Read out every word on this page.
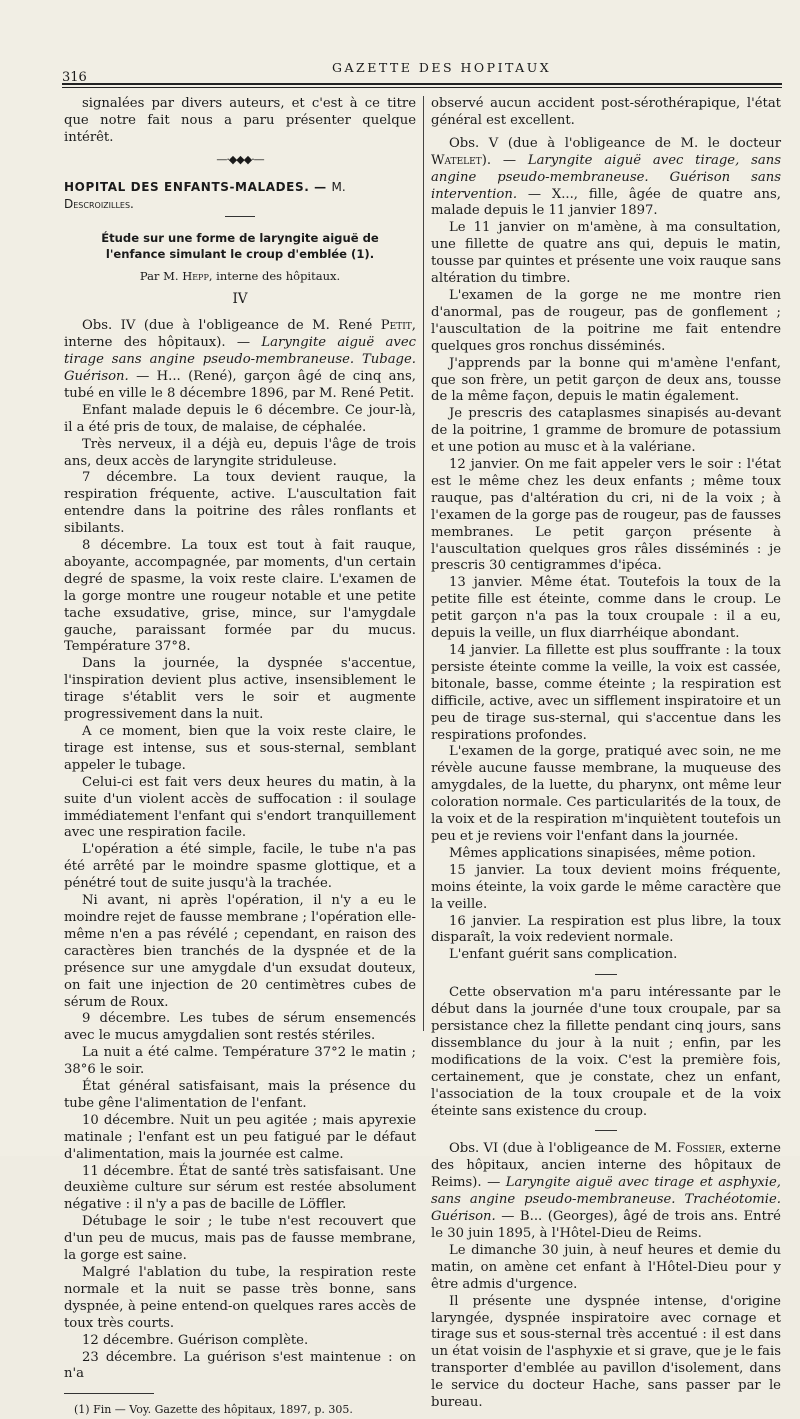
316
GAZETTE DES HOPITAUX

signalées par divers auteurs, et c'est à ce titre que notre fait nous a paru présenter quelque intérêt.

—·◆◆◆·—

HOPITAL DES ENFANTS-MALADES. — M. Descroizilles.

Étude sur une forme de laryngite aiguë de l'enfance simulant le croup d'emblée (1).
Par M. Hepp, interne des hôpitaux.
IV

Obs. IV (due à l'obligeance de M. René Petit, interne des hôpitaux). — Laryngite aiguë avec tirage sans angine pseudo-membraneuse. Tubage. Guérison. — H... (René), garçon âgé de cinq ans, tubé en ville le 8 décembre 1896, par M. René Petit.

Enfant malade depuis le 6 décembre. Ce jour-là, il a été pris de toux, de malaise, de céphalée.

Très nerveux, il a déjà eu, depuis l'âge de trois ans, deux accès de laryngite striduleuse.

7 décembre. La toux devient rauque, la respiration fréquente, active. L'auscultation fait entendre dans la poitrine des râles ronflants et sibilants.

8 décembre. La toux est tout à fait rauque, aboyante, accompagnée, par moments, d'un certain degré de spasme, la voix reste claire. L'examen de la gorge montre une rougeur notable et une petite tache exsudative, grise, mince, sur l'amygdale gauche, paraissant formée par du mucus. Température 37°8.

Dans la journée, la dyspnée s'accentue, l'inspiration devient plus active, insensiblement le tirage s'établit vers le soir et augmente progressivement dans la nuit.

A ce moment, bien que la voix reste claire, le tirage est intense, sus et sous-sternal, semblant appeler le tubage.

Celui-ci est fait vers deux heures du matin, à la suite d'un violent accès de suffocation : il soulage immédiatement l'enfant qui s'endort tranquillement avec une respiration facile.

L'opération a été simple, facile, le tube n'a pas été arrêté par le moindre spasme glottique, et a pénétré tout de suite jusqu'à la trachée.

Ni avant, ni après l'opération, il n'y a eu le moindre rejet de fausse membrane ; l'opération elle-même n'en a pas révélé ; cependant, en raison des caractères bien tranchés de la dyspnée et de la présence sur une amygdale d'un exsudat douteux, on fait une injection de 20 centimètres cubes de sérum de Roux.

9 décembre. Les tubes de sérum ensemencés avec le mucus amygdalien sont restés stériles.

La nuit a été calme. Température 37°2 le matin ; 38°6 le soir.

État général satisfaisant, mais la présence du tube gêne l'alimentation de l'enfant.

10 décembre. Nuit un peu agitée ; mais apyrexie matinale ; l'enfant est un peu fatigué par le défaut d'alimentation, mais la journée est calme.

11 décembre. État de santé très satisfaisant. Une deuxième culture sur sérum est restée absolument négative : il n'y a pas de bacille de Löffler.

Détubage le soir ; le tube n'est recouvert que d'un peu de mucus, mais pas de fausse membrane, la gorge est saine.

Malgré l'ablation du tube, la respiration reste normale et la nuit se passe très bonne, sans dyspnée, à peine entend-on quelques rares accès de toux très courts.

12 décembre. Guérison complète.

23 décembre. La guérison s'est maintenue : on n'a

(1) Fin — Voy. Gazette des hôpitaux, 1897, p. 305.

observé aucun accident post-sérothérapique, l'état général est excellent.

Obs. V (due à l'obligeance de M. le docteur Watelet). — Laryngite aiguë avec tirage, sans angine pseudo-membraneuse. Guérison sans intervention. — X..., fille, âgée de quatre ans, malade depuis le 11 janvier 1897.

Le 11 janvier on m'amène, à ma consultation, une fillette de quatre ans qui, depuis le matin, tousse par quintes et présente une voix rauque sans altération du timbre.

L'examen de la gorge ne me montre rien d'anormal, pas de rougeur, pas de gonflement ; l'auscultation de la poitrine me fait entendre quelques gros ronchus disséminés.

J'apprends par la bonne qui m'amène l'enfant, que son frère, un petit garçon de deux ans, tousse de la même façon, depuis le matin également.

Je prescris des cataplasmes sinapisés au-devant de la poitrine, 1 gramme de bromure de potassium et une potion au musc et à la valériane.

12 janvier. On me fait appeler vers le soir : l'état est le même chez les deux enfants ; même toux rauque, pas d'altération du cri, ni de la voix ; à l'examen de la gorge pas de rougeur, pas de fausses membranes. Le petit garçon présente à l'auscultation quelques gros râles disséminés : je prescris 30 centigrammes d'ipéca.

13 janvier. Même état. Toutefois la toux de la petite fille est éteinte, comme dans le croup. Le petit garçon n'a pas la toux croupale : il a eu, depuis la veille, un flux diarrhéique abondant.

14 janvier. La fillette est plus souffrante : la toux persiste éteinte comme la veille, la voix est cassée, bitonale, basse, comme éteinte ; la respiration est difficile, active, avec un sifflement inspiratoire et un peu de tirage sus-sternal, qui s'accentue dans les respirations profondes.

L'examen de la gorge, pratiqué avec soin, ne me révèle aucune fausse membrane, la muqueuse des amygdales, de la luette, du pharynx, ont même leur coloration normale. Ces particularités de la toux, de la voix et de la respiration m'inquiètent toutefois un peu et je reviens voir l'enfant dans la journée.

Mêmes applications sinapisées, même potion.

15 janvier. La toux devient moins fréquente, moins éteinte, la voix garde le même caractère que la veille.

16 janvier. La respiration est plus libre, la toux disparaît, la voix redevient normale.

L'enfant guérit sans complication.

Cette observation m'a paru intéressante par le début dans la journée d'une toux croupale, par sa persistance chez la fillette pendant cinq jours, sans dissemblance du jour à la nuit ; enfin, par les modifications de la voix. C'est la première fois, certainement, que je constate, chez un enfant, l'association de la toux croupale et de la voix éteinte sans existence du croup.

Obs. VI (due à l'obligeance de M. Fossier, externe des hôpitaux, ancien interne des hôpitaux de Reims). — Laryngite aiguë avec tirage et asphyxie, sans angine pseudo-membraneuse. Trachéotomie. Guérison. — B... (Georges), âgé de trois ans. Entré le 30 juin 1895, à l'Hôtel-Dieu de Reims.

Le dimanche 30 juin, à neuf heures et demie du matin, on amène cet enfant à l'Hôtel-Dieu pour y être admis d'urgence.

Il présente une dyspnée intense, d'origine laryngée, dyspnée inspiratoire avec cornage et tirage sus et sous-sternal très accentué : il est dans un état voisin de l'asphyxie et si grave, que je le fais transporter d'emblée au pavillon d'isolement, dans le service du docteur Hache, sans passer par le bureau.
